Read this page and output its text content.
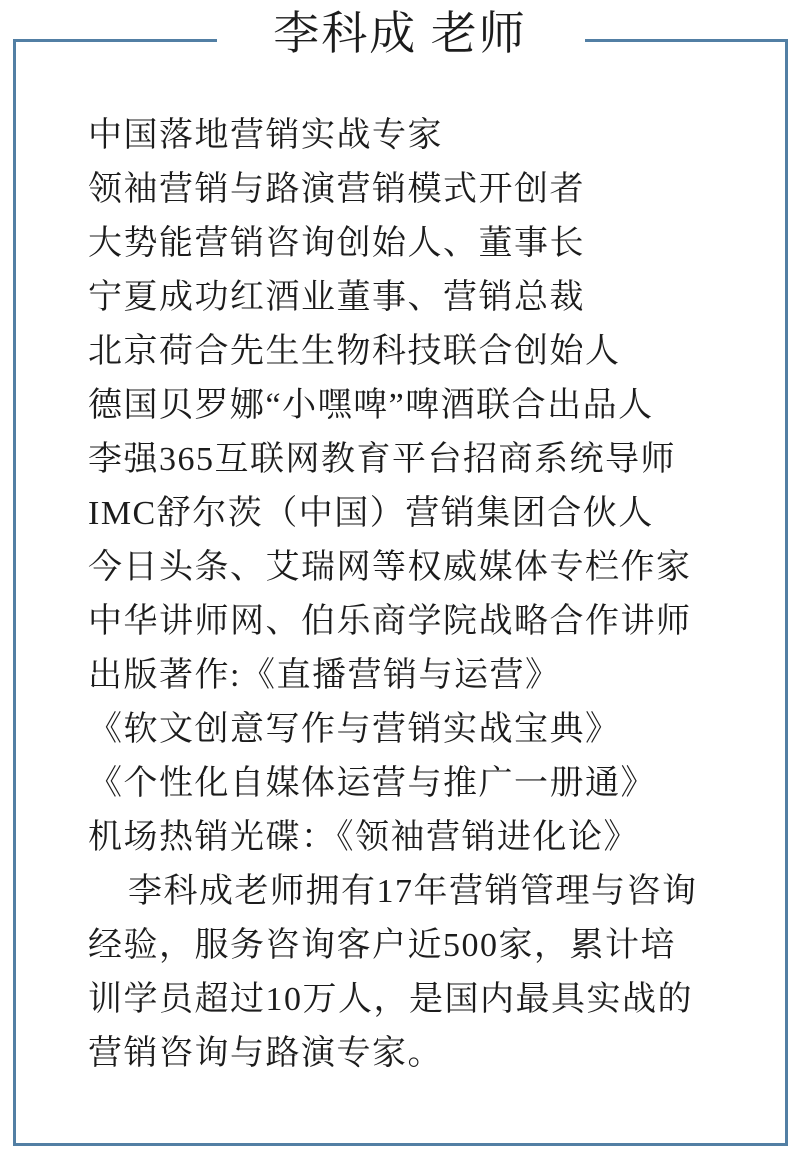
李科成 老师
中国落地营销实战专家
领袖营销与路演营销模式开创者
大势能营销咨询创始人、董事长
宁夏成功红酒业董事、营销总裁
北京荷合先生生物科技联合创始人
德国贝罗娜“小嘿啤”啤酒联合出品人
李强365互联网教育平台招商系统导师
IMC舒尔茨（中国）营销集团合伙人
今日头条、艾瑞网等权威媒体专栏作家
中华讲师网、伯乐商学院战略合作讲师
出版著作:《直播营销与运营》
《软文创意写作与营销实战宝典》
《个性化自媒体运营与推广一册通》
机场热销光碟：《领袖营销进化论》
李科成老师拥有17年营销管理与咨询
经验，服务咨询客户近500家，累计培
训学员超过10万人，是国内最具实战的
营销咨询与路演专家。
